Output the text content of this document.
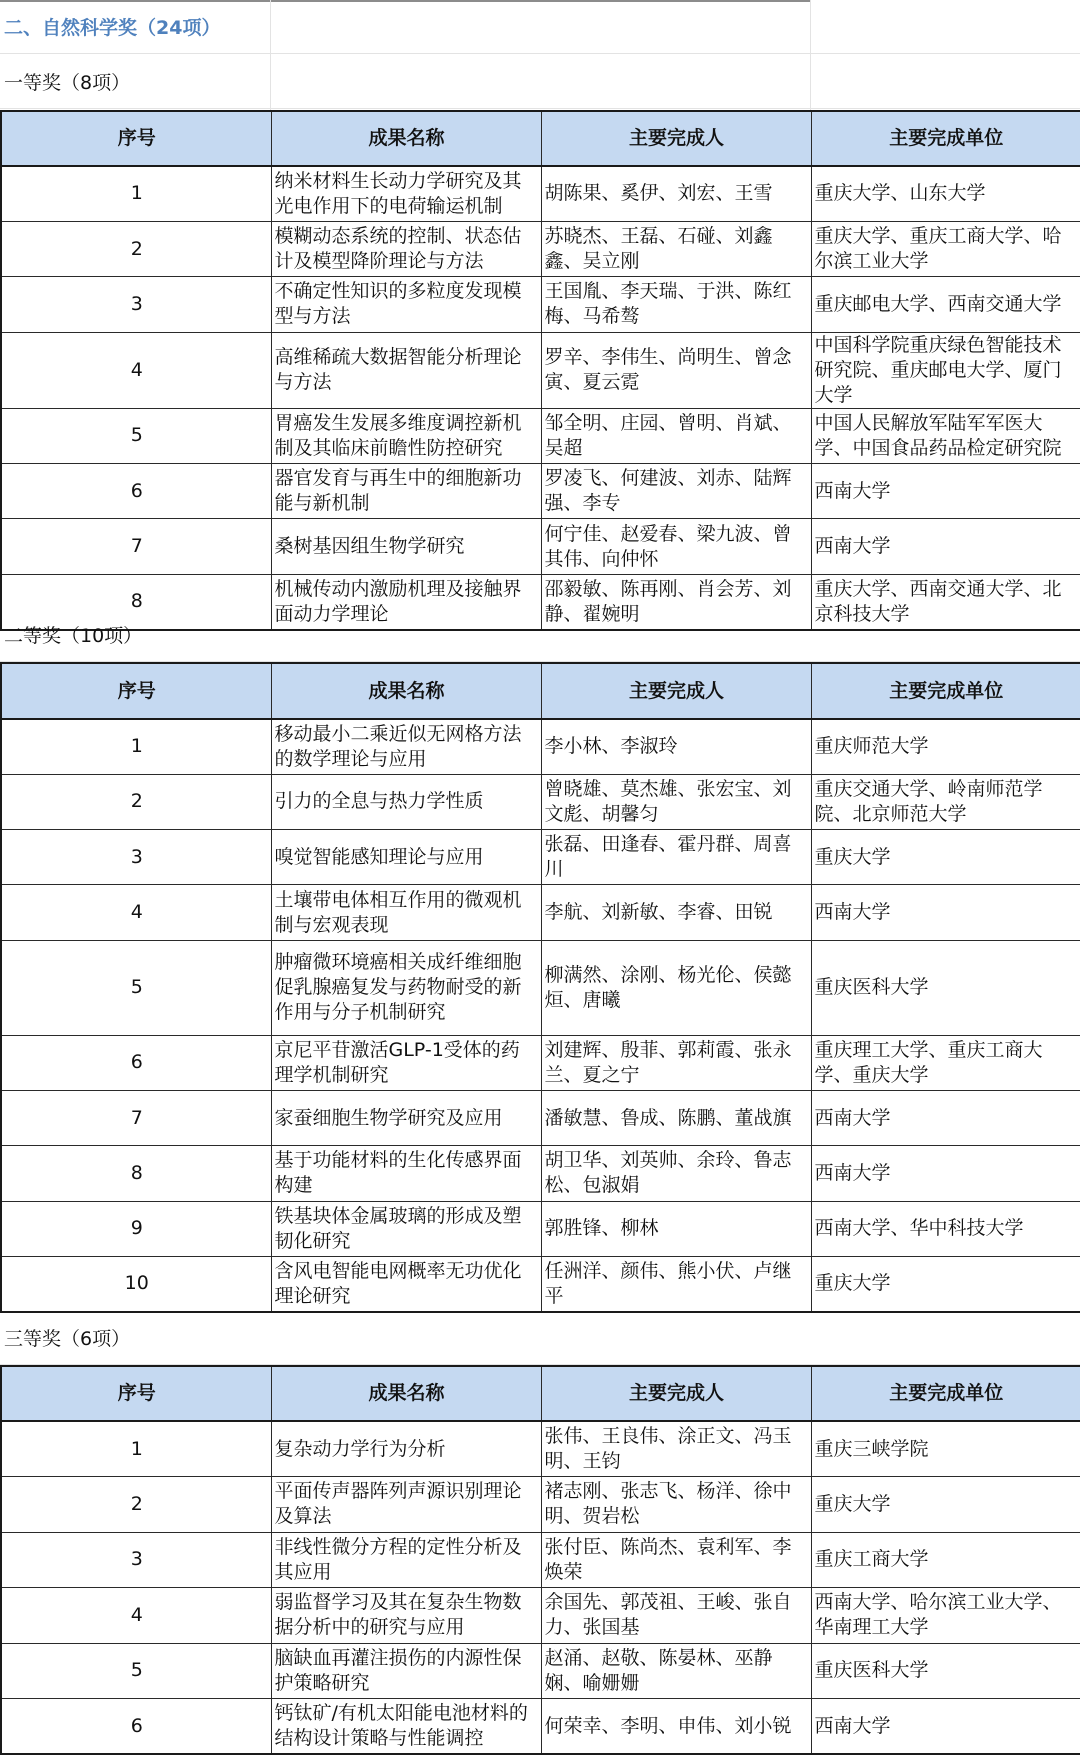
二、自然科学奖（24项）
一等奖（8项）
序号	成果名称	主要完成人	主要完成单位
1	纳米材料生长动力学研究及其光电作用下的电荷输运机制	胡陈果、奚伊、刘宏、王雪	重庆大学、山东大学
2	模糊动态系统的控制、状态估计及模型降阶理论与方法	苏晓杰、王磊、石碰、刘鑫鑫、吴立刚	重庆大学、重庆工商大学、哈尔滨工业大学
3	不确定性知识的多粒度发现模型与方法	王国胤、李天瑞、于洪、陈红梅、马希骜	重庆邮电大学、西南交通大学
4	高维稀疏大数据智能分析理论与方法	罗辛、李伟生、尚明生、曾念寅、夏云霓	中国科学院重庆绿色智能技术研究院、重庆邮电大学、厦门大学
5	胃癌发生发展多维度调控新机制及其临床前瞻性防控研究	邹全明、庄园、曾明、肖斌、吴超	中国人民解放军陆军军医大学、中国食品药品检定研究院
6	器官发育与再生中的细胞新功能与新机制	罗凌飞、何建波、刘赤、陆辉强、李专	西南大学
7	桑树基因组生物学研究	何宁佳、赵爱春、梁九波、曾其伟、向仲怀	西南大学
8	机械传动内激励机理及接触界面动力学理论	邵毅敏、陈再刚、肖会芳、刘静、翟婉明	重庆大学、西南交通大学、北京科技大学
二等奖（10项）
序号	成果名称	主要完成人	主要完成单位
1	移动最小二乘近似无网格方法的数学理论与应用	李小林、李淑玲	重庆师范大学
2	引力的全息与热力学性质	曾晓雄、莫杰雄、张宏宝、刘文彪、胡馨匀	重庆交通大学、岭南师范学院、北京师范大学
3	嗅觉智能感知理论与应用	张磊、田逢春、霍丹群、周喜川	重庆大学
4	土壤带电体相互作用的微观机制与宏观表现	李航、刘新敏、李睿、田锐	西南大学
5	肿瘤微环境癌相关成纤维细胞促乳腺癌复发与药物耐受的新作用与分子机制研究	柳满然、涂刚、杨光伦、侯懿烜、唐曦	重庆医科大学
6	京尼平苷激活GLP-1受体的药理学机制研究	刘建辉、殷菲、郭莉霞、张永兰、夏之宁	重庆理工大学、重庆工商大学、重庆大学
7	家蚕细胞生物学研究及应用	潘敏慧、鲁成、陈鹏、董战旗	西南大学
8	基于功能材料的生化传感界面构建	胡卫华、刘英帅、余玲、鲁志松、包淑娟	西南大学
9	铁基块体金属玻璃的形成及塑韧化研究	郭胜锋、柳林	西南大学、华中科技大学
10	含风电智能电网概率无功优化理论研究	任洲洋、颜伟、熊小伏、卢继平	重庆大学
三等奖（6项）
序号	成果名称	主要完成人	主要完成单位
1	复杂动力学行为分析	张伟、王良伟、涂正文、冯玉明、王钧	重庆三峡学院
2	平面传声器阵列声源识别理论及算法	褚志刚、张志飞、杨洋、徐中明、贺岩松	重庆大学
3	非线性微分方程的定性分析及其应用	张付臣、陈尚杰、袁利军、李焕荣	重庆工商大学
4	弱监督学习及其在复杂生物数据分析中的研究与应用	余国先、郭茂祖、王峻、张自力、张国基	西南大学、哈尔滨工业大学、华南理工大学
5	脑缺血再灌注损伤的内源性保护策略研究	赵涌、赵敬、陈晏林、巫静娴、喻姗姗	重庆医科大学
6	钙钛矿/有机太阳能电池材料的结构设计策略与性能调控	何荣幸、李明、申伟、刘小锐	西南大学
